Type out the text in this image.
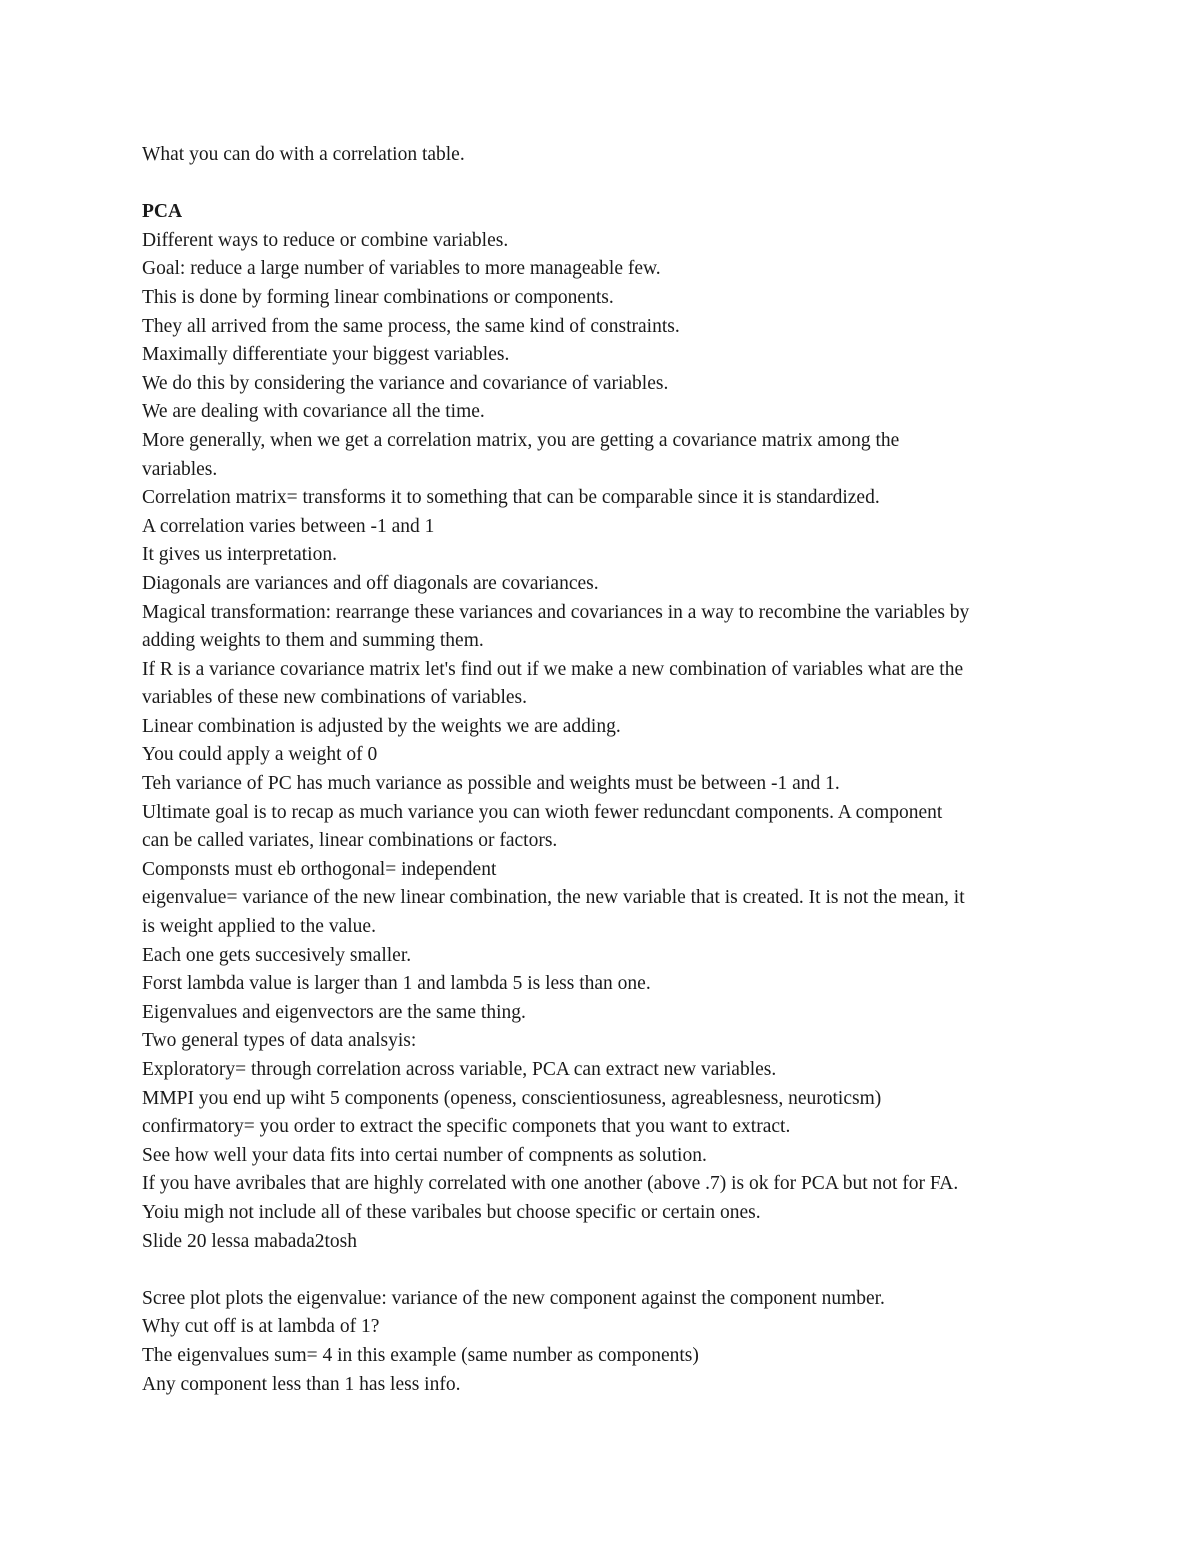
What you can do with a correlation table.
PCA
Different ways to reduce or combine variables.
Goal: reduce a large number of variables to more manageable few.
This is done by forming linear combinations or components.
They all arrived from the same process, the same kind of constraints.
Maximally differentiate your biggest variables.
We do this by considering the variance and covariance of variables.
We are dealing with covariance all the time.
More generally, when we get a correlation matrix, you are getting a covariance matrix among the
variables.
Correlation matrix= transforms it to something that can be comparable since it is standardized.
A correlation varies between -1 and 1
It gives us interpretation.
Diagonals are variances and off diagonals are covariances.
Magical transformation: rearrange these variances and covariances in a way to recombine the variables by
adding weights to them and summing them.
If R is a variance covariance matrix let's find out if we make a new combination of variables what are the
variables of these new combinations of variables.
Linear combination is adjusted by the weights we are adding.
You could apply a weight of 0
Teh variance of PC has much variance as possible and weights must be between -1 and 1.
Ultimate goal is to recap as much variance you can wioth fewer reduncdant components. A component
can be called variates, linear combinations or factors.
Componsts must eb orthogonal= independent
eigenvalue= variance of the new linear combination, the new variable that is created. It is not the mean, it
is weight applied to the value.
Each one gets succesively smaller.
Forst lambda value is larger than 1 and lambda 5 is less than one.
Eigenvalues and eigenvectors are the same thing.
Two general types of data analsyis:
Exploratory= through correlation across variable, PCA can extract new variables.
MMPI you end up wiht 5 components (openess, conscientiosuness, agreablesness, neuroticsm)
confirmatory= you order to extract the specific componets that you want to extract.
See how well your data fits into certai number of compnents as solution.
If you have avribales that are highly correlated with one another (above .7) is ok for PCA but not for FA.
Yoiu migh not include all of these varibales but choose specific or certain ones.
Slide 20 lessa mabada2tosh
Scree plot plots the eigenvalue: variance of the new component against the component number.
Why cut off is at lambda of 1?
The eigenvalues sum= 4 in this example (same number as components)
Any component less than 1 has less info.
